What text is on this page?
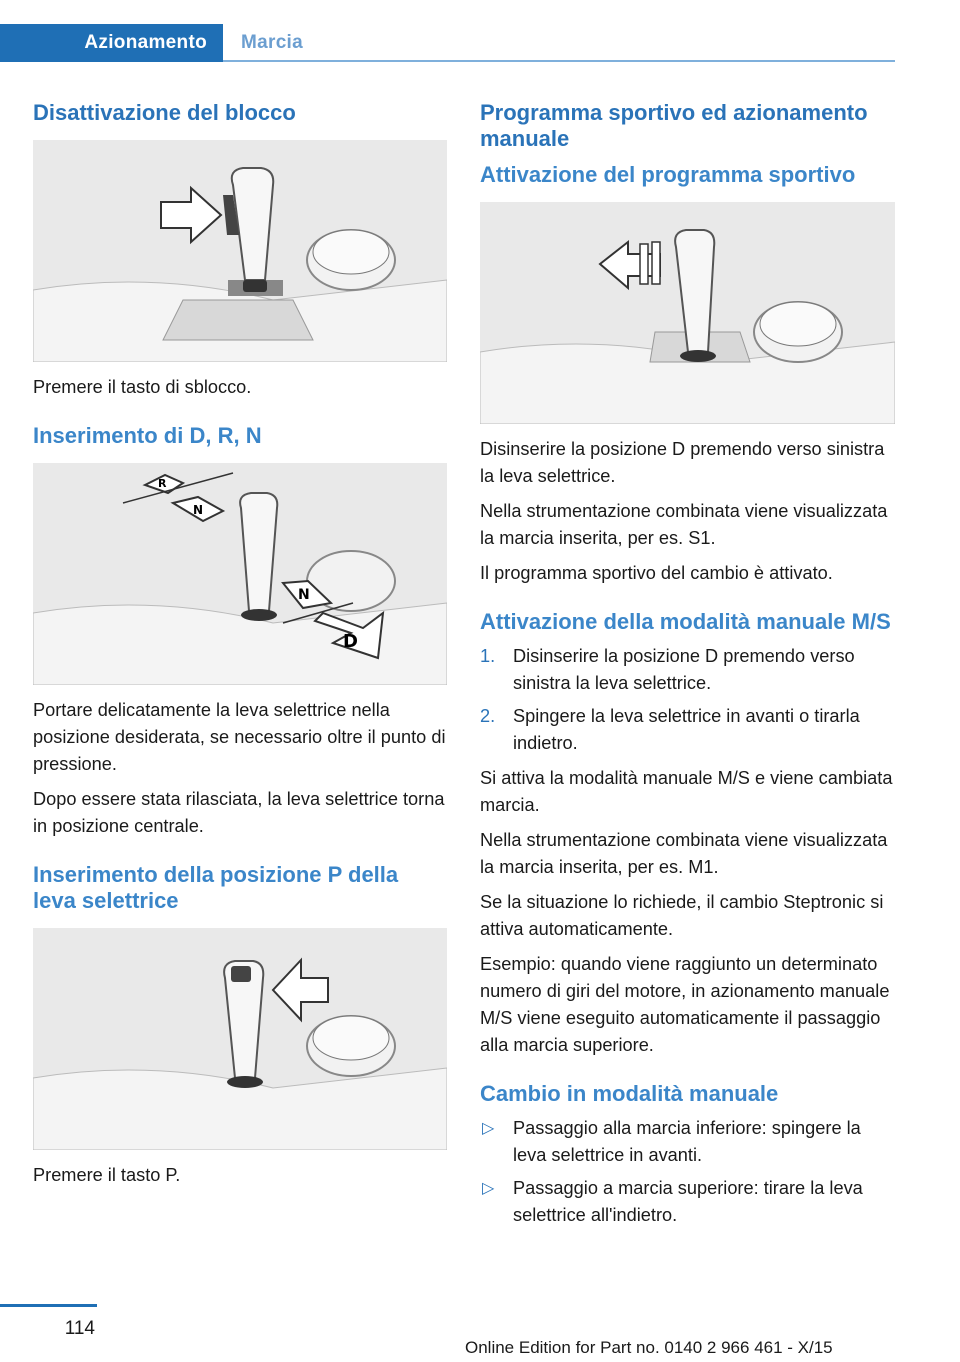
Azionamento	Marcia
Disattivazione del blocco

Premere il tasto di sblocco.

Inserimento di D, R, N
R
N
N
D

Portare delicatamente la leva selettrice nella posizione desiderata, se necessario oltre il punto di pressione.

Dopo essere stata rilasciata, la leva selettrice torna in posizione centrale.

Inserimento della posizione P della leva selettrice

Premere il tasto P.

Programma sportivo ed azionamento manuale
Attivazione del programma sportivo

Disinserire la posizione D premendo verso sinistra la leva selettrice.

Nella strumentazione combinata viene visualizzata la marcia inserita, per es. S1.

Il programma sportivo del cambio è attivato.

Attivazione della modalità manuale M/S
1. Disinserire la posizione D premendo verso sinistra la leva selettrice.
2. Spingere la leva selettrice in avanti o tirarla indietro.

Si attiva la modalità manuale M/S e viene cambiata marcia.

Nella strumentazione combinata viene visualizzata la marcia inserita, per es. M1.

Se la situazione lo richiede, il cambio Steptronic si attiva automaticamente.

Esempio: quando viene raggiunto un determinato numero di giri del motore, in azionamento manuale M/S viene eseguito automaticamente il passaggio alla marcia superiore.

Cambio in modalità manuale
▷ Passaggio alla marcia inferiore: spingere la leva selettrice in avanti.
▷ Passaggio a marcia superiore: tirare la leva selettrice all'indietro.
114
Online Edition for Part no. 0140 2 966 461 - X/15
